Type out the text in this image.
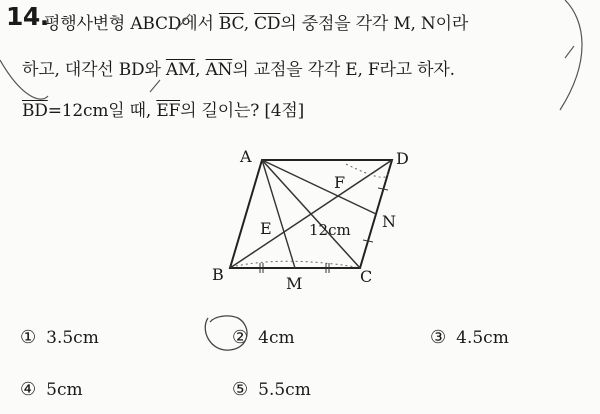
14.
평행사변형 ABCD에서 $\overline{BC}$, $\overline{CD}$의 중점을 각각 M, N이라
하고, 대각선 BD와 $\overline{AM}$, $\overline{AN}$의 교점을 각각 E, F라고 하자.
$\overline{BD}=12cm$일 때, $\overline{EF}$의 길이는? [4점]
A	D
B	C
M
N
E
F
12cm
① 3.5cm	② 4cm	③ 4.5cm
④ 5cm	⑤ 5.5cm
